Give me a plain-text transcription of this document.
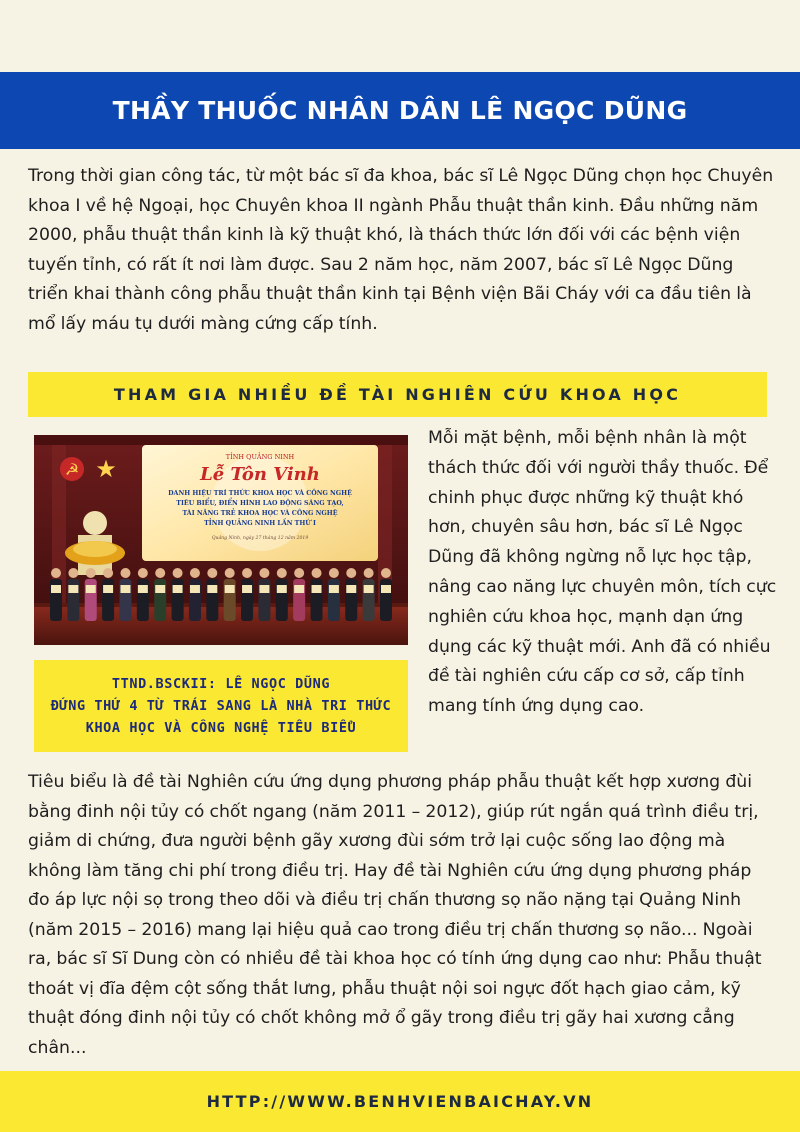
THẦY THUỐC NHÂN DÂN LÊ NGỌC DŨNG

Trong thời gian công tác, từ một bác sĩ đa khoa, bác sĩ Lê Ngọc Dũng chọn học Chuyên khoa I về hệ Ngoại, học Chuyên khoa II ngành Phẫu thuật thần kinh. Đầu những năm 2000, phẫu thuật thần kinh là kỹ thuật khó, là thách thức lớn đối với các bệnh viện tuyến tỉnh, có rất ít nơi làm được. Sau 2 năm học, năm 2007, bác sĩ Lê Ngọc Dũng triển khai thành công phẫu thuật thần kinh tại Bệnh viện Bãi Cháy với ca đầu tiên là mổ lấy máu tụ dưới màng cứng cấp tính.

THAM GIA NHIỀU ĐỀ TÀI NGHIÊN CỨU KHOA HỌC
☭ ★	TỈNH QUẢNG NINH
Lễ Tôn Vinh
DANH HIỆU TRÍ THỨC KHOA HỌC VÀ CÔNG NGHỆ
TIÊU BIỂU, ĐIỂN HÌNH LAO ĐỘNG SÁNG TẠO,
TÀI NĂNG TRẺ KHOA HỌC VÀ CÔNG NGHỆ
TỈNH QUẢNG NINH LẦN THỨ I
Quảng Ninh, ngày 27 tháng 12 năm 2019
TTND.BSCKII: LÊ NGỌC DŨNG
ĐỨNG THỨ 4 TỪ TRÁI SANG LÀ NHÀ TRI THỨC
KHOA HỌC VÀ CÔNG NGHỆ TIÊU BIỂU

Mỗi mặt bệnh, mỗi bệnh nhân là một thách thức đối với người thầy thuốc. Để chinh phục được những kỹ thuật khó hơn, chuyên sâu hơn, bác sĩ Lê Ngọc Dũng đã không ngừng nỗ lực học tập, nâng cao năng lực chuyên môn, tích cực nghiên cứu khoa học, mạnh dạn ứng dụng các kỹ thuật mới. Anh đã có nhiều đề tài nghiên cứu cấp cơ sở, cấp tỉnh mang tính ứng dụng cao.

Tiêu biểu là đề tài Nghiên cứu ứng dụng phương pháp phẫu thuật kết hợp xương đùi bằng đinh nội tủy có chốt ngang (năm 2011 – 2012), giúp rút ngắn quá trình điều trị, giảm di chứng, đưa người bệnh gãy xương đùi sớm trở lại cuộc sống lao động mà không làm tăng chi phí trong điều trị. Hay đề tài Nghiên cứu ứng dụng phương pháp đo áp lực nội sọ trong theo dõi và điều trị chấn thương sọ não nặng tại Quảng Ninh (năm 2015 – 2016) mang lại hiệu quả cao trong điều trị chấn thương sọ não... Ngoài ra, bác sĩ Sĩ Dung còn có nhiều đề tài khoa học có tính ứng dụng cao như: Phẫu thuật thoát vị đĩa đệm cột sống thắt lưng, phẫu thuật nội soi ngực đốt hạch giao cảm, kỹ thuật đóng đinh nội tủy có chốt không mở ổ gãy trong điều trị gãy hai xương cẳng chân...

HTTP://WWW.BENHVIENBAICHAY.VN
